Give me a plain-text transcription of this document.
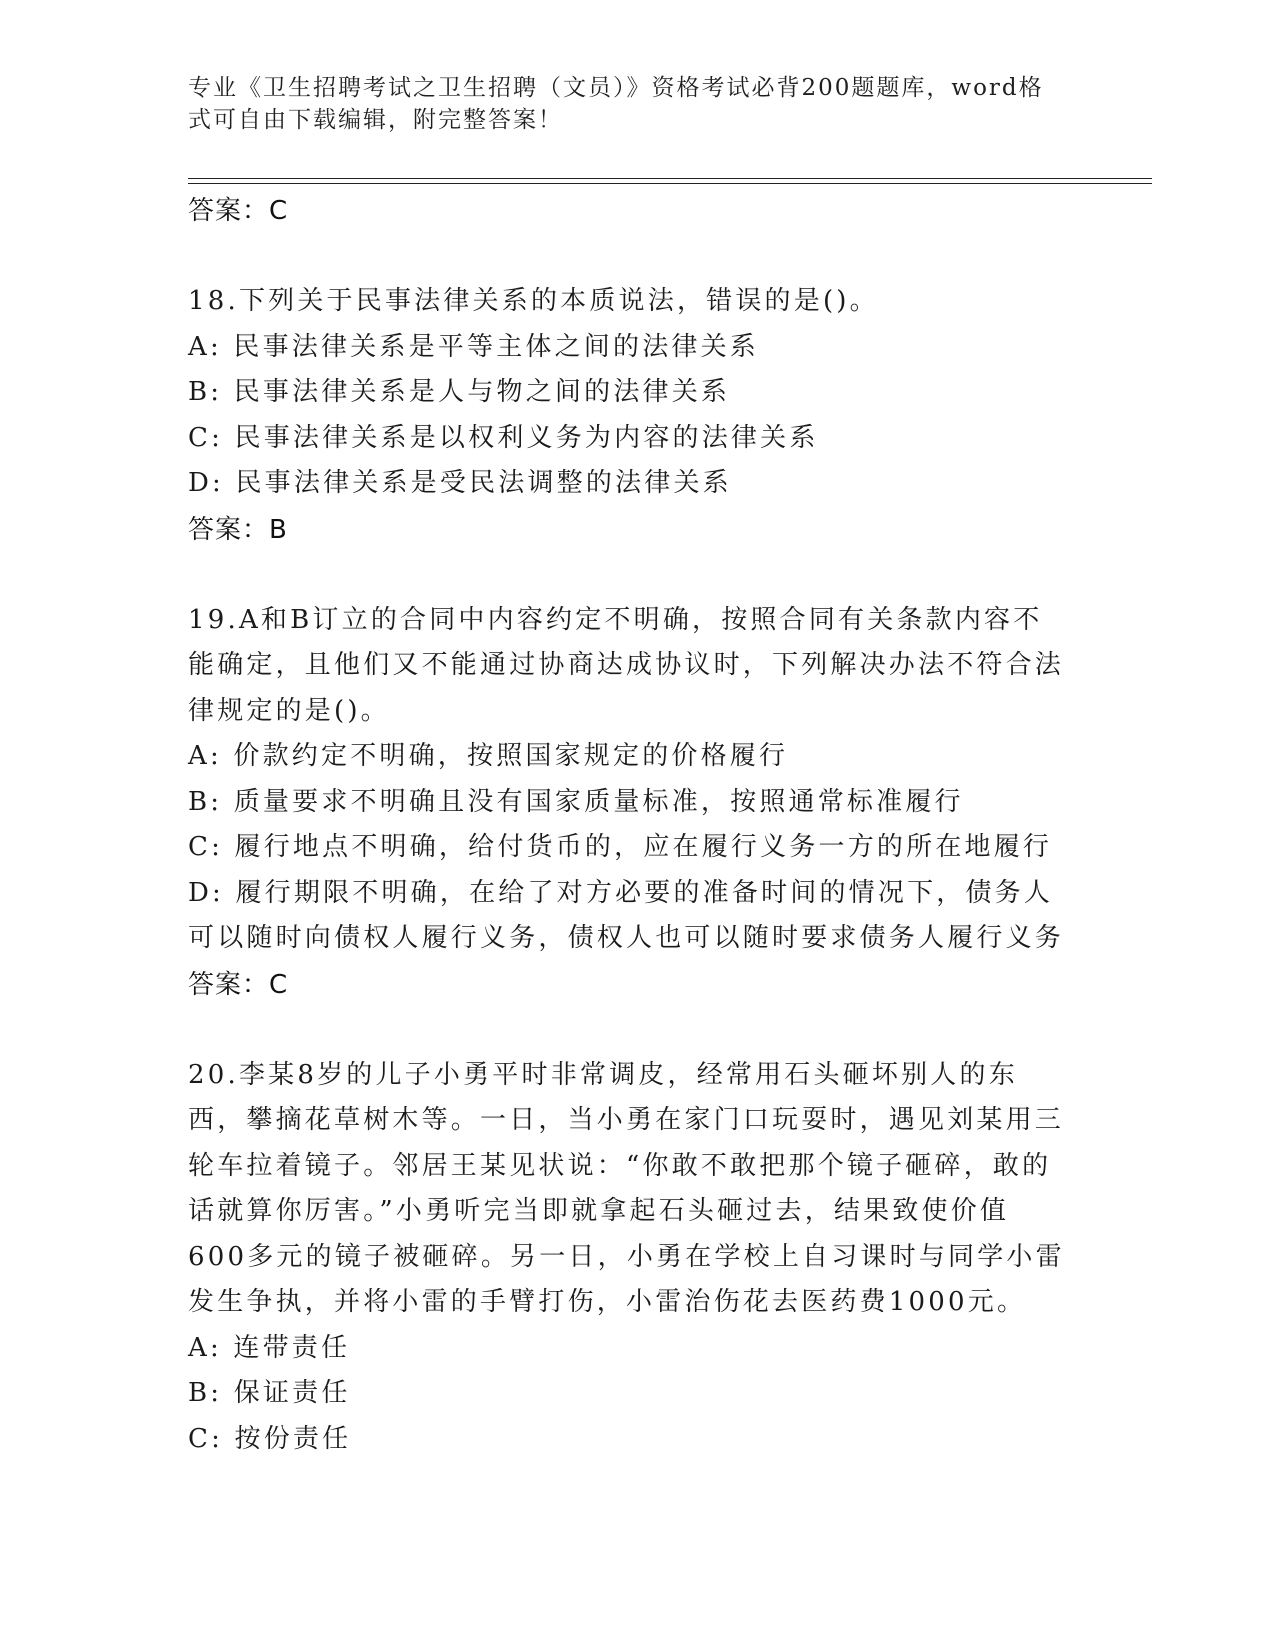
专业《卫生招聘考试之卫生招聘（文员）》资格考试必背200题题库，word格式可自由下载编辑，附完整答案！
答案：C
18.下列关于民事法律关系的本质说法，错误的是()。
A: 民事法律关系是平等主体之间的法律关系
B: 民事法律关系是人与物之间的法律关系
C: 民事法律关系是以权利义务为内容的法律关系
D: 民事法律关系是受民法调整的法律关系
答案：B
19.A和B订立的合同中内容约定不明确，按照合同有关条款内容不能确定，且他们又不能通过协商达成协议时，下列解决办法不符合法律规定的是()。
A: 价款约定不明确，按照国家规定的价格履行
B: 质量要求不明确且没有国家质量标准，按照通常标准履行
C: 履行地点不明确，给付货币的，应在履行义务一方的所在地履行
D: 履行期限不明确，在给了对方必要的准备时间的情况下，债务人可以随时向债权人履行义务，债权人也可以随时要求债务人履行义务
答案：C
20.李某8岁的儿子小勇平时非常调皮，经常用石头砸坏别人的东西，攀摘花草树木等。一日，当小勇在家门口玩耍时，遇见刘某用三轮车拉着镜子。邻居王某见状说：“你敢不敢把那个镜子砸碎，敢的话就算你厉害。”小勇听完当即就拿起石头砸过去，结果致使价值600多元的镜子被砸碎。另一日，小勇在学校上自习课时与同学小雷发生争执，并将小雷的手臂打伤，小雷治伤花去医药费1000元。
A: 连带责任
B: 保证责任
C: 按份责任
